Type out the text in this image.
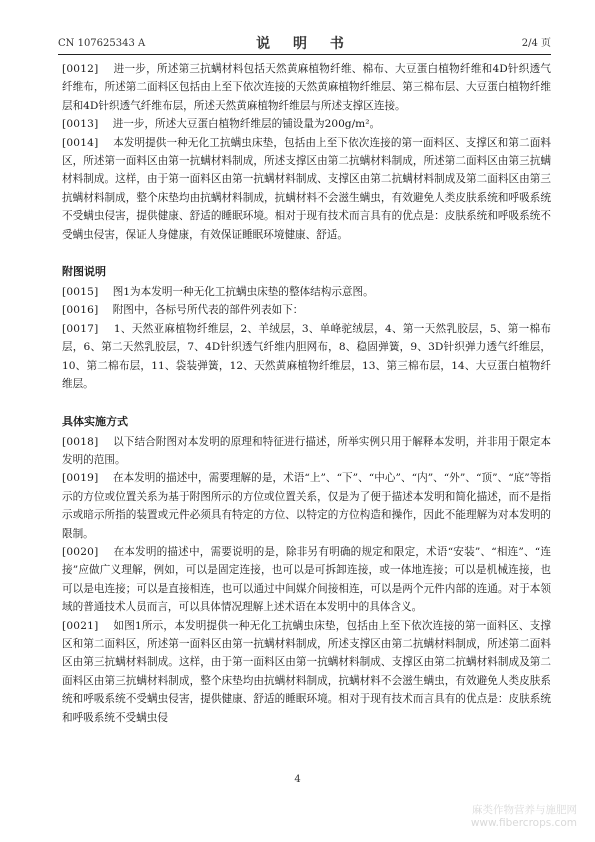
CN 107625343 A	说 明 书	2/4 页

[0012] 进一步，所述第三抗螨材料包括天然黄麻植物纤维、棉布、大豆蛋白植物纤维和4D针织透气纤维布，所述第二面料区包括由上至下依次连接的天然黄麻植物纤维层、第三棉布层、大豆蛋白植物纤维层和4D针织透气纤维布层，所述天然黄麻植物纤维层与所述支撑区连接。

[0013] 进一步，所述大豆蛋白植物纤维层的铺设量为200g/m²。

[0014] 本发明提供一种无化工抗螨虫床垫，包括由上至下依次连接的第一面料区、支撑区和第二面料区，所述第一面料区由第一抗螨材料制成，所述支撑区由第二抗螨材料制成，所述第二面料区由第三抗螨材料制成。这样，由于第一面料区由第一抗螨材料制成、支撑区由第二抗螨材料制成及第二面料区由第三抗螨材料制成，整个床垫均由抗螨材料制成，抗螨材料不会滋生螨虫，有效避免人类皮肤系统和呼吸系统不受螨虫侵害，提供健康、舒适的睡眠环境。相对于现有技术而言具有的优点是：皮肤系统和呼吸系统不受螨虫侵害，保证人身健康，有效保证睡眠环境健康、舒适。

附图说明

[0015] 图1为本发明一种无化工抗螨虫床垫的整体结构示意图。

[0016] 附图中，各标号所代表的部件列表如下：

[0017] 1、天然亚麻植物纤维层，2、羊绒层，3、单峰驼绒层，4、第一天然乳胶层，5、第一棉布层，6、第二天然乳胶层，7、4D针织透气纤维内胆网布，8、稳固弹簧，9、3D针织弹力透气纤维层，10、第二棉布层，11、袋装弹簧，12、天然黄麻植物纤维层，13、第三棉布层，14、大豆蛋白植物纤维层。

具体实施方式

[0018] 以下结合附图对本发明的原理和特征进行描述，所举实例只用于解释本发明，并非用于限定本发明的范围。

[0019] 在本发明的描述中，需要理解的是，术语“上”、“下”、“中心”、“内”、“外”、“顶”、“底”等指示的方位或位置关系为基于附图所示的方位或位置关系，仅是为了便于描述本发明和简化描述，而不是指示或暗示所指的装置或元件必须具有特定的方位、以特定的方位构造和操作，因此不能理解为对本发明的限制。

[0020] 在本发明的描述中，需要说明的是，除非另有明确的规定和限定，术语“安装”、“相连”、“连接”应做广义理解，例如，可以是固定连接，也可以是可拆卸连接，或一体地连接；可以是机械连接，也可以是电连接；可以是直接相连，也可以通过中间媒介间接相连，可以是两个元件内部的连通。对于本领域的普通技术人员而言，可以具体情况理解上述术语在本发明中的具体含义。

[0021] 如图1所示，本发明提供一种无化工抗螨虫床垫，包括由上至下依次连接的第一面料区、支撑区和第二面料区，所述第一面料区由第一抗螨材料制成，所述支撑区由第二抗螨材料制成，所述第二面料区由第三抗螨材料制成。这样，由于第一面料区由第一抗螨材料制成、支撑区由第二抗螨材料制成及第二面料区由第三抗螨材料制成，整个床垫均由抗螨材料制成，抗螨材料不会滋生螨虫，有效避免人类皮肤系统和呼吸系统不受螨虫侵害，提供健康、舒适的睡眠环境。相对于现有技术而言具有的优点是：皮肤系统和呼吸系统不受螨虫侵

4
麻类作物营养与施肥网
www.fibercrops.com
